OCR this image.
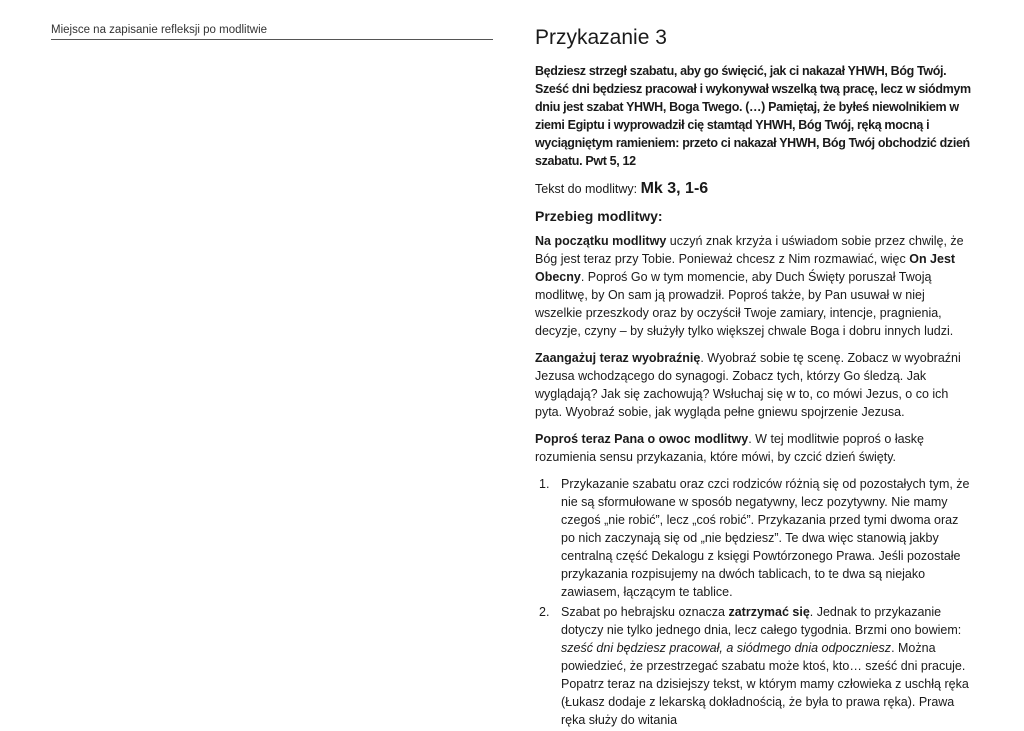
Miejsce na zapisanie refleksji po modlitwie	Przykazanie 3

Będziesz strzegł szabatu, aby go święcić, jak ci nakazał YHWH, Bóg Twój. Sześć dni będziesz pracował i wykonywał wszelką twą pracę, lecz w siódmym dniu jest szabat YHWH, Boga Twego. (…) Pamiętaj, że byłeś niewolnikiem w ziemi Egiptu i wyprowadził cię stamtąd YHWH, Bóg Twój, ręką mocną i wyciągniętym ramieniem: przeto ci nakazał YHWH, Bóg Twój obchodzić dzień szabatu. Pwt 5, 12

Tekst do modlitwy: Mk 3, 1-6

Przebieg modlitwy:

Na początku modlitwy uczyń znak krzyża i uświadom sobie przez chwilę, że Bóg jest teraz przy Tobie. Ponieważ chcesz z Nim rozmawiać, więc On Jest Obecny. Poproś Go w tym momencie, aby Duch Święty poruszał Twoją modlitwę, by On sam ją prowadził. Poproś także, by Pan usuwał w niej wszelkie przeszkody oraz by oczyścił Twoje zamiary, intencje, pragnienia, decyzje, czyny – by służyły tylko większej chwale Boga i dobru innych ludzi.

Zaangażuj teraz wyobraźnię. Wyobraź sobie tę scenę. Zobacz w wyobraźni Jezusa wchodzącego do synagogi. Zobacz tych, którzy Go śledzą. Jak wyglądają? Jak się zachowują? Wsłuchaj się w to, co mówi Jezus, o co ich pyta. Wyobraź sobie, jak wygląda pełne gniewu spojrzenie Jezusa.

Poproś teraz Pana o owoc modlitwy. W tej modlitwie poproś o łaskę rozumienia sensu przykazania, które mówi, by czcić dzień święty.

1. Przykazanie szabatu oraz czci rodziców różnią się od pozostałych tym, że nie są sformułowane w sposób negatywny, lecz pozytywny. Nie mamy czegoś „nie robić”, lecz „coś robić”. Przykazania przed tymi dwoma oraz po nich zaczynają się od „nie będziesz”. Te dwa więc stanowią jakby centralną część Dekalogu z księgi Powtórzonego Prawa. Jeśli pozostałe przykazania rozpisujemy na dwóch tablicach, to te dwa są niejako zawiasem, łączącym te tablice.
2. Szabat po hebrajsku oznacza zatrzymać się. Jednak to przykazanie dotyczy nie tylko jednego dnia, lecz całego tygodnia. Brzmi ono bowiem: sześć dni będziesz pracował, a siódmego dnia odpoczniesz. Można powiedzieć, że przestrzegać szabatu może ktoś, kto… sześć dni pracuje. Popatrz teraz na dzisiejszy tekst, w którym mamy człowieka z uschłą ręka (Łukasz dodaje z lekarską dokładnością, że była to prawa ręka). Prawa ręka służy do witania
